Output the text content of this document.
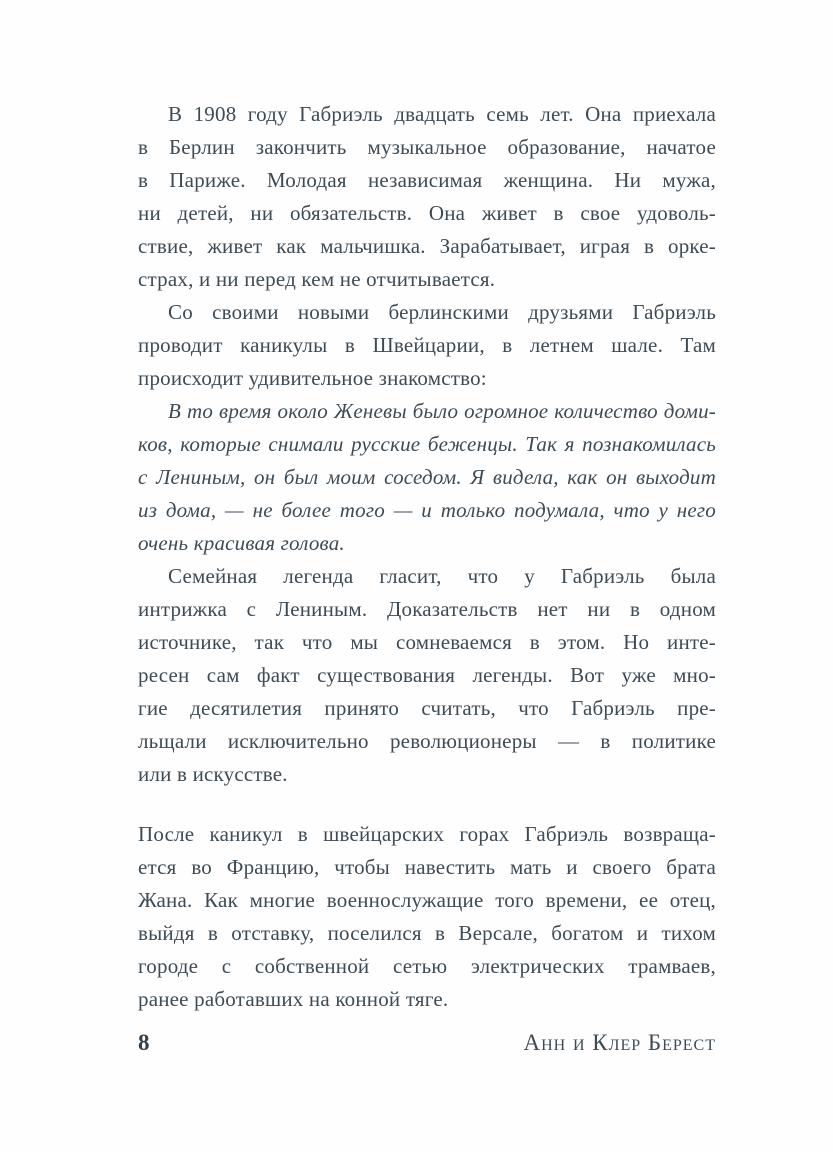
В 1908 году Габриэль двадцать семь лет. Она приехала
в Берлин закончить музыкальное образование, начатое
в Париже. Молодая независимая женщина. Ни мужа,
ни детей, ни обязательств. Она живет в свое удоволь-
ствие, живет как мальчишка. Зарабатывает, играя в орке-
страх, и ни перед кем не отчитывается.
Со своими новыми берлинскими друзьями Габриэль
проводит каникулы в Швейцарии, в летнем шале. Там
происходит удивительное знакомство:
В то время около Женевы было огромное количество доми-
ков, которые снимали русские беженцы. Так я познакомилась
с Лениным, он был моим соседом. Я видела, как он выходит
из дома, — не более того — и только подумала, что у него
очень красивая голова.
Семейная легенда гласит, что у Габриэль была
интрижка с Лениным. Доказательств нет ни в одном
источнике, так что мы сомневаемся в этом. Но инте-
ресен сам факт существования легенды. Вот уже мно-
гие десятилетия принято считать, что Габриэль пре-
льщали исключительно революционеры — в политике
или в искусстве.
После каникул в швейцарских горах Габриэль возвраща-
ется во Францию, чтобы навестить мать и своего брата
Жана. Как многие военнослужащие того времени, ее отец,
выйдя в отставку, поселился в Версале, богатом и тихом
городе с собственной сетью электрических трамваев,
ранее работавших на конной тяге.
8	Анн и Клер Берест
